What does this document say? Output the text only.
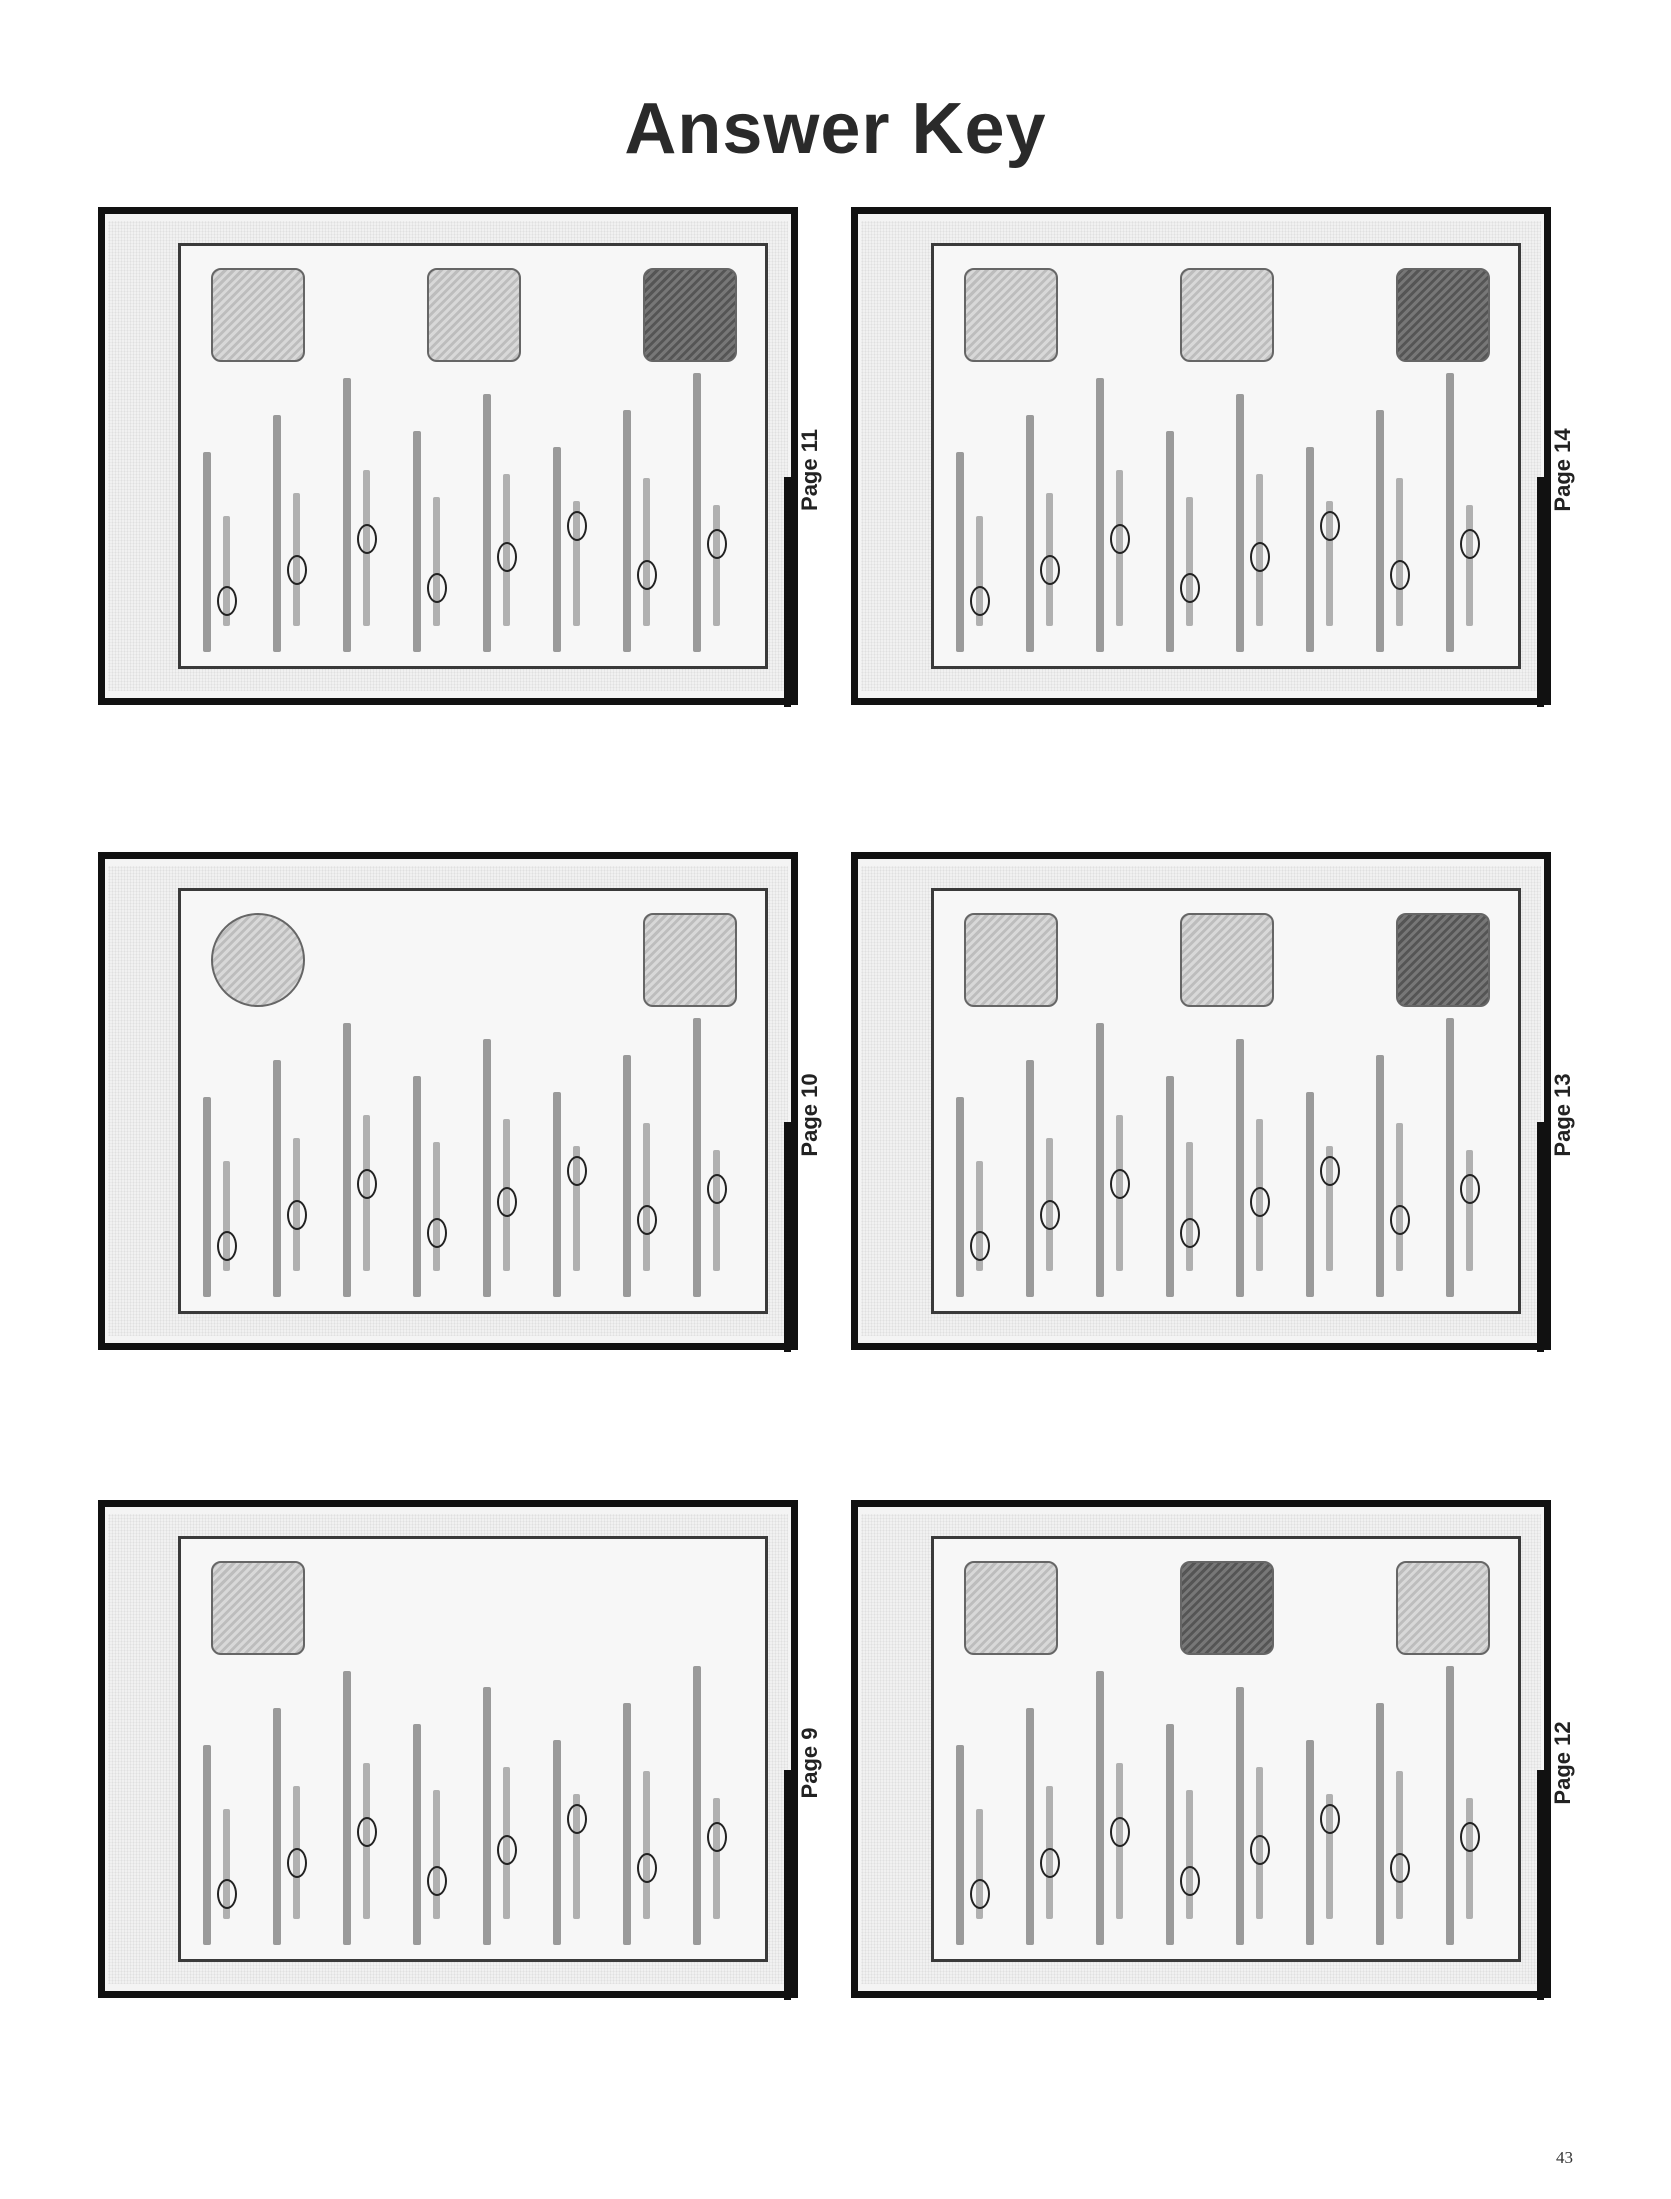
Answer Key
Page 11	Page 14
Page 10	Page 13
Page 9	Page 12
43
